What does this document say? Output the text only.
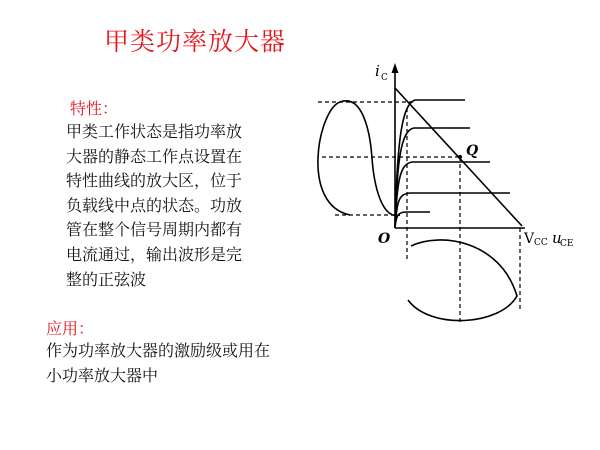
甲类功率放大器
特性：
甲类工作状态是指功率放
大器的静态工作点设置在
特性曲线的放大区，位于
负载线中点的状态。功放
管在整个信号周期内都有
电流通过，输出波形是完
整的正弦波
应用：
作为功率放大器的激励级或用在
小功率放大器中
i C
O
Q
V CC u
CE
